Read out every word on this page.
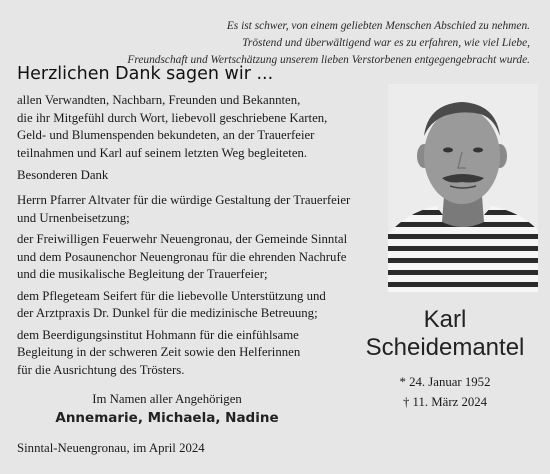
Es ist schwer, von einem geliebten Menschen Abschied zu nehmen.
Tröstend und überwältigend war es zu erfahren, wie viel Liebe,
Freundschaft und Wertschätzung unserem lieben Verstorbenen entgegengebracht wurde.
Herzlichen Dank sagen wir ...
allen Verwandten, Nachbarn, Freunden und Bekannten,
die ihr Mitgefühl durch Wort, liebevoll geschriebene Karten,
Geld- und Blumenspenden bekundeten, an der Trauerfeier
teilnahmen und Karl auf seinem letzten Weg begleiteten.
Besonderen Dank
Herrn Pfarrer Altvater für die würdige Gestaltung der Trauerfeier
und Urnenbeisetzung;
der Freiwilligen Feuerwehr Neuengronau, der Gemeinde Sinntal
und dem Posaunenchor Neuengronau für die ehrenden Nachrufe
und die musikalische Begleitung der Trauerfeier;
dem Pflegeteam Seifert für die liebevolle Unterstützung und
der Arztpraxis Dr. Dunkel für die medizinische Betreuung;
dem Beerdigungsinstitut Hohmann für die einfühlsame
Begleitung in der schweren Zeit sowie den Helferinnen
für die Ausrichtung des Trösters.
Karl
Scheidemantel
* 24. Januar 1952
† 11. März 2024
Im Namen aller Angehörigen
Annemarie, Michaela, Nadine
Sinntal-Neuengronau, im April 2024
